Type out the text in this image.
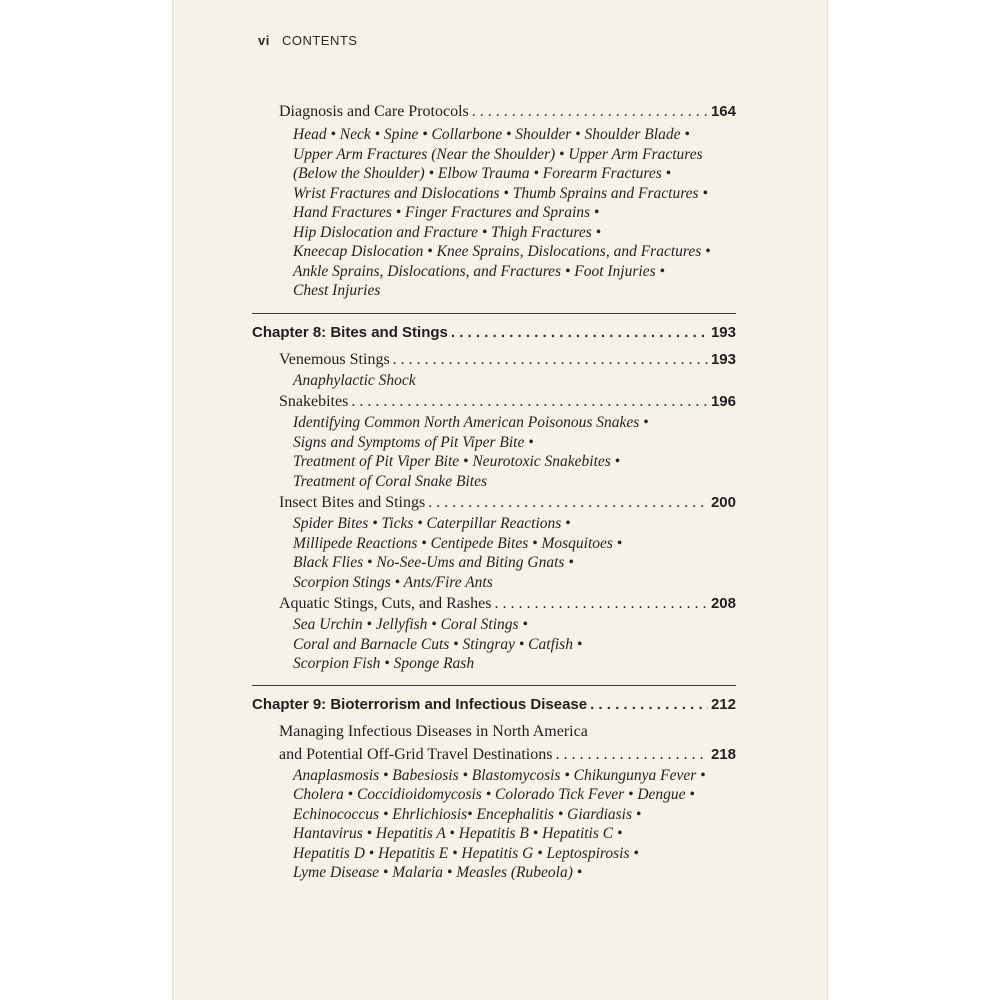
vi CONTENTS
Diagnosis and Care Protocols . . .	164
Head • Neck • Spine • Collarbone • Shoulder • Shoulder Blade •
Upper Arm Fractures (Near the Shoulder) • Upper Arm Fractures
(Below the Shoulder) • Elbow Trauma • Forearm Fractures •
Wrist Fractures and Dislocations • Thumb Sprains and Fractures •
Hand Fractures • Finger Fractures and Sprains •
Hip Dislocation and Fracture • Thigh Fractures •
Kneecap Dislocation • Knee Sprains, Dislocations, and Fractures •
Ankle Sprains, Dislocations, and Fractures • Foot Injuries •
Chest Injuries
Chapter 8: Bites and Stings . . .	193
Venemous Stings . . .	193
Anaphylactic Shock
Snakebites . . .	196
Identifying Common North American Poisonous Snakes •
Signs and Symptoms of Pit Viper Bite •
Treatment of Pit Viper Bite • Neurotoxic Snakebites •
Treatment of Coral Snake Bites
Insect Bites and Stings . . .	200
Spider Bites • Ticks • Caterpillar Reactions •
Millipede Reactions • Centipede Bites • Mosquitoes •
Black Flies • No-See-Ums and Biting Gnats •
Scorpion Stings • Ants/Fire Ants
Aquatic Stings, Cuts, and Rashes . . .	208
Sea Urchin • Jellyfish • Coral Stings •
Coral and Barnacle Cuts • Stingray • Catfish •
Scorpion Fish • Sponge Rash
Chapter 9: Bioterrorism and Infectious Disease . . .	212
Managing Infectious Diseases in North America
and Potential Off-Grid Travel Destinations . . .	218
Anaplasmosis • Babesiosis • Blastomycosis • Chikungunya Fever •
Cholera • Coccidioidomycosis • Colorado Tick Fever • Dengue •
Echinococcus • Ehrlichiosis• Encephalitis • Giardiasis •
Hantavirus • Hepatitis A • Hepatitis B • Hepatitis C •
Hepatitis D • Hepatitis E • Hepatitis G • Leptospirosis •
Lyme Disease • Malaria • Measles (Rubeola) •
